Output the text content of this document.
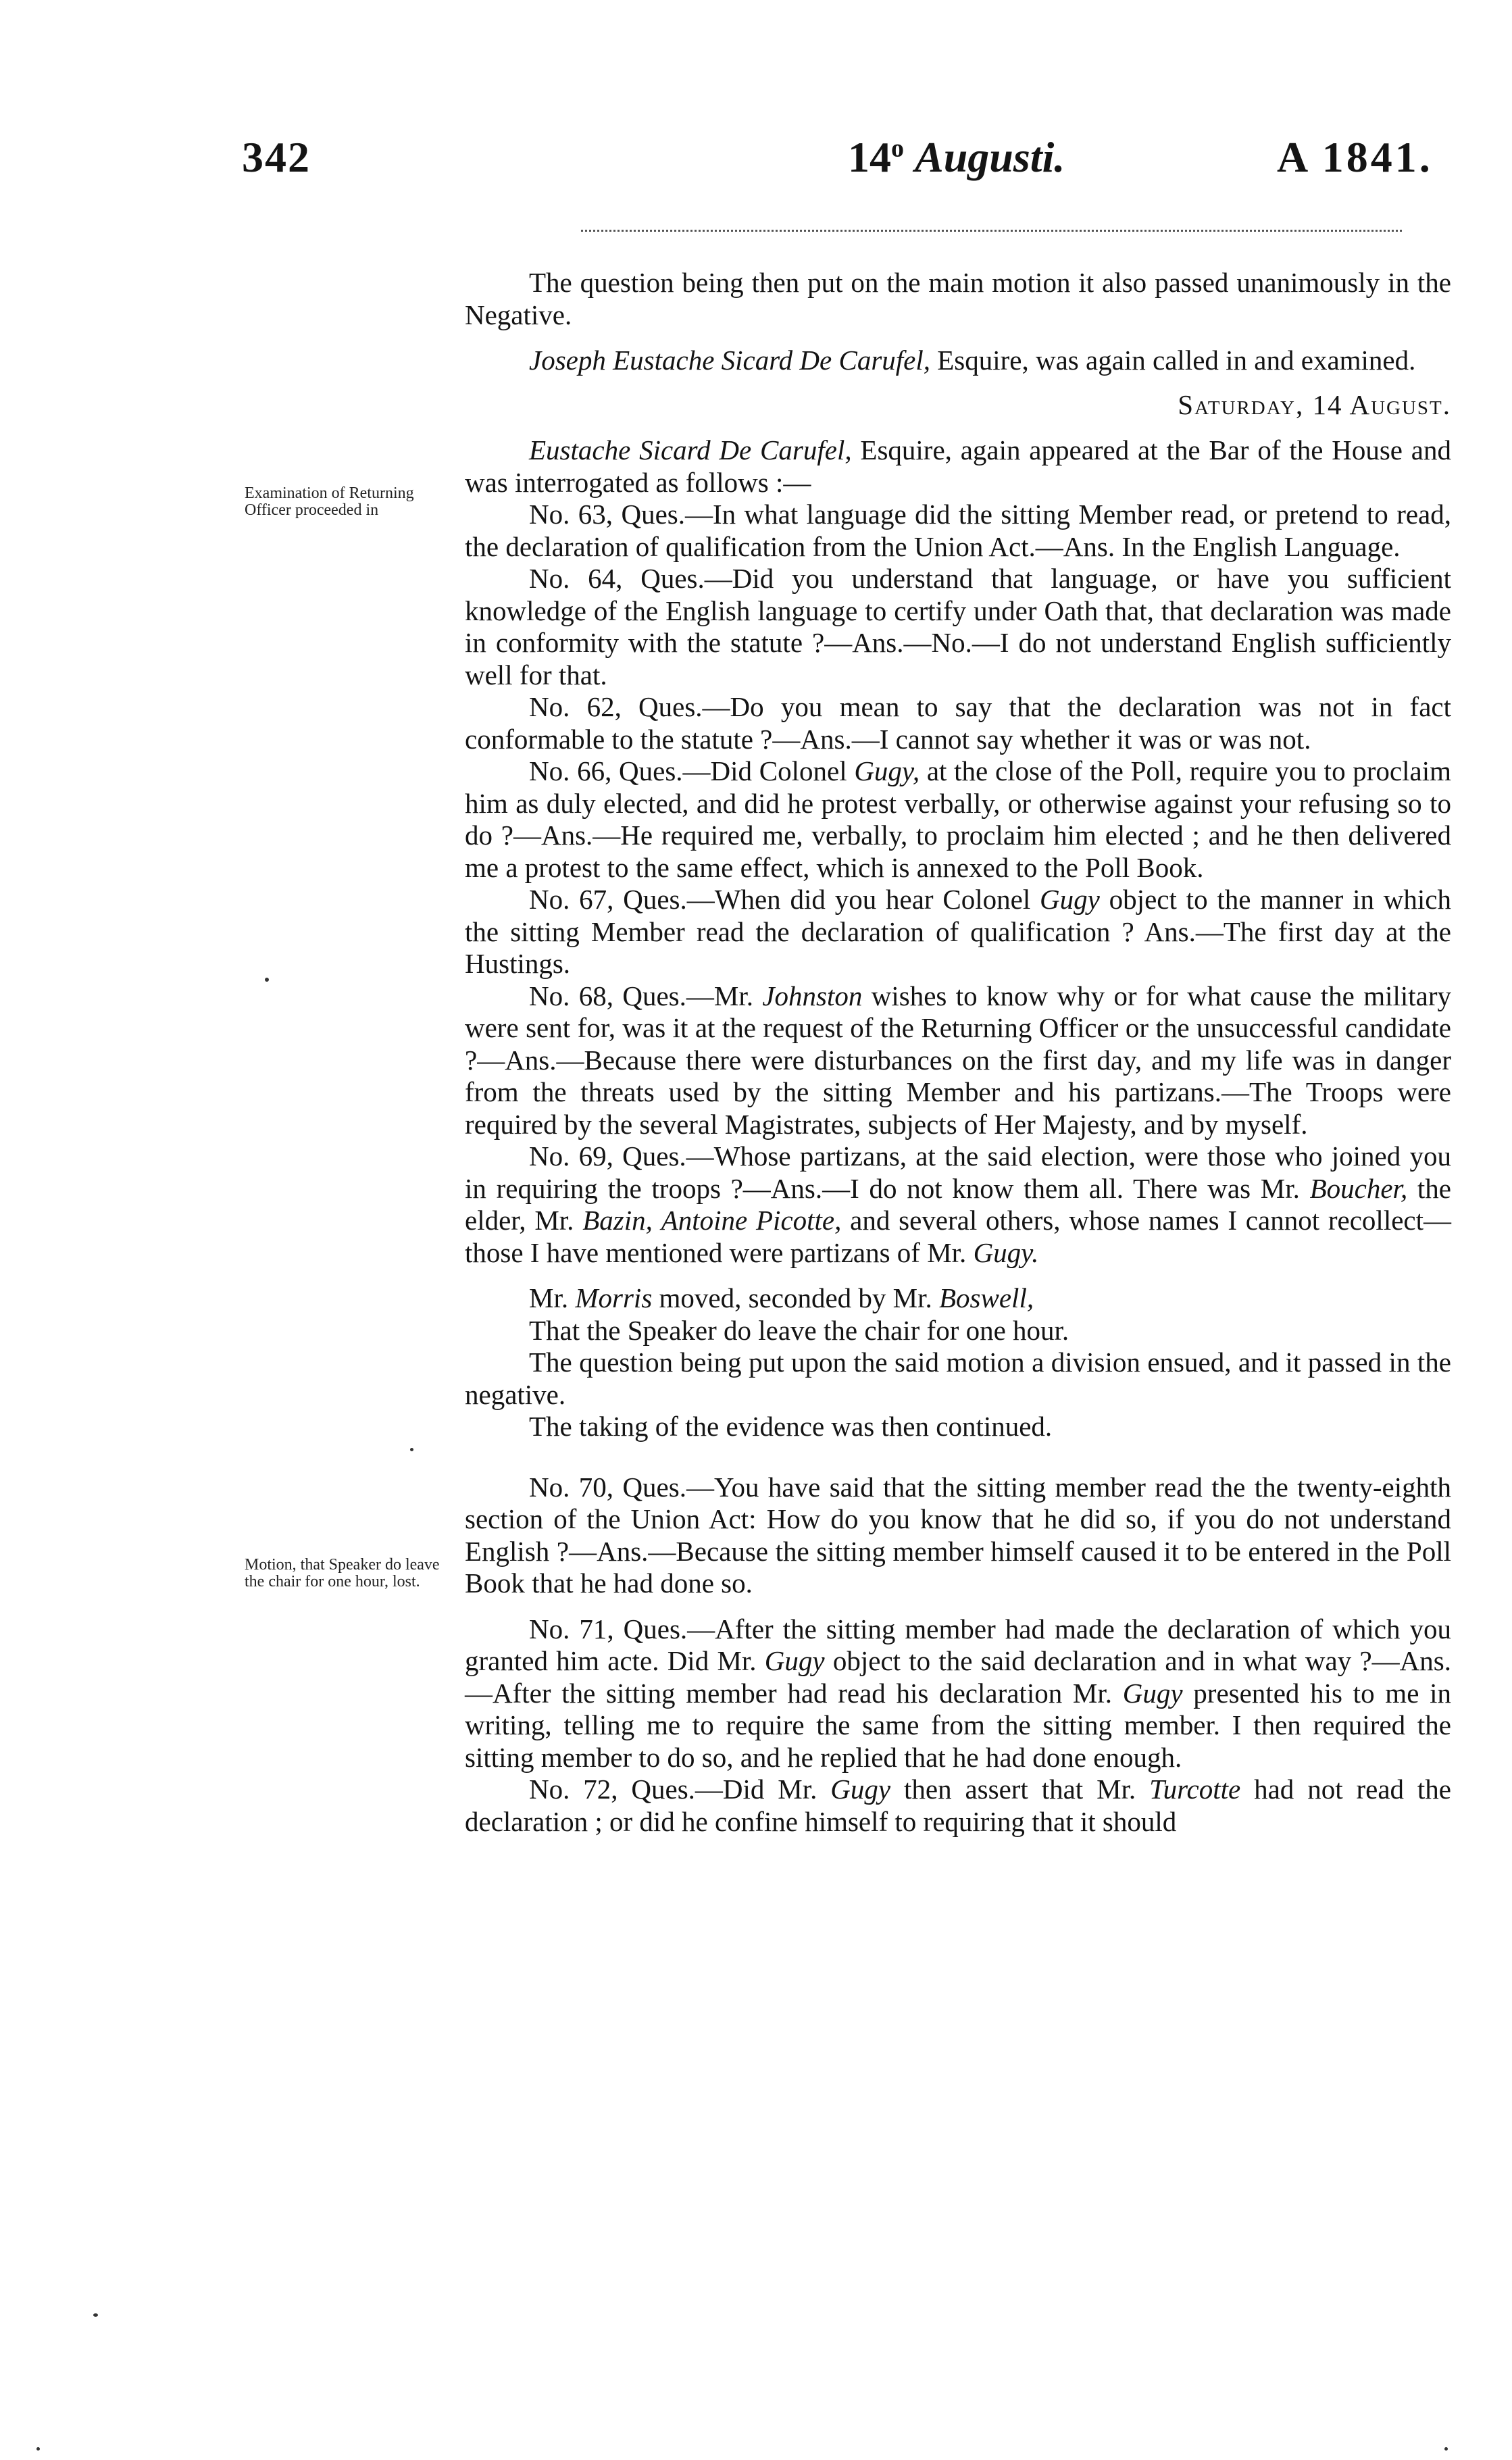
342	14$^o$ Augusti.	A 1841.
Examination of Returning Officer proceeded in
Motion, that Speaker do leave the chair for one hour, lost.

The question being then put on the main motion it also passed unanimously in the Negative.

Joseph Eustache Sicard De Carufel, Esquire, was again called in and examined.

Saturday, 14 August.

Eustache Sicard De Carufel, Esquire, again appeared at the Bar of the House and was interrogated as follows :—

No. 63, Ques.—In what language did the sitting Member read, or pretend to read, the declaration of qualification from the Union Act.—Ans. In the English Language.

No. 64, Ques.—Did you understand that language, or have you sufficient knowledge of the English language to certify under Oath that, that declaration was made in conformity with the statute ?—Ans.—No.—I do not understand English sufficiently well for that.

No. 62, Ques.—Do you mean to say that the declaration was not in fact conformable to the statute ?—Ans.—I cannot say whether it was or was not.

No. 66, Ques.—Did Colonel Gugy, at the close of the Poll, require you to proclaim him as duly elected, and did he protest verbally, or otherwise against your refusing so to do ?—Ans.—He required me, verbally, to proclaim him elected ; and he then delivered me a protest to the same effect, which is annexed to the Poll Book.

No. 67, Ques.—When did you hear Colonel Gugy object to the manner in which the sitting Member read the declaration of qualification ? Ans.—The first day at the Hustings.

No. 68, Ques.—Mr. Johnston wishes to know why or for what cause the military were sent for, was it at the request of the Returning Officer or the unsuccessful candidate ?—Ans.—Because there were disturbances on the first day, and my life was in danger from the threats used by the sitting Member and his partizans.—The Troops were required by the several Magistrates, subjects of Her Majesty, and by myself.

No. 69, Ques.—Whose partizans, at the said election, were those who joined you in requiring the troops ?—Ans.—I do not know them all. There was Mr. Boucher, the elder, Mr. Bazin, Antoine Picotte, and several others, whose names I cannot recollect—those I have mentioned were partizans of Mr. Gugy.

Mr. Morris moved, seconded by Mr. Boswell,

That the Speaker do leave the chair for one hour.

The question being put upon the said motion a division ensued, and it passed in the negative.

The taking of the evidence was then continued.

No. 70, Ques.—You have said that the sitting member read the the twenty-eighth section of the Union Act: How do you know that he did so, if you do not understand English ?—Ans.—Because the sitting member himself caused it to be entered in the Poll Book that he had done so.

No. 71, Ques.—After the sitting member had made the declaration of which you granted him acte. Did Mr. Gugy object to the said declaration and in what way ?—Ans.—After the sitting member had read his declaration Mr. Gugy presented his to me in writing, telling me to require the same from the sitting member. I then required the sitting member to do so, and he replied that he had done enough.

No. 72, Ques.—Did Mr. Gugy then assert that Mr. Turcotte had not read the declaration ; or did he confine himself to requiring that it should
